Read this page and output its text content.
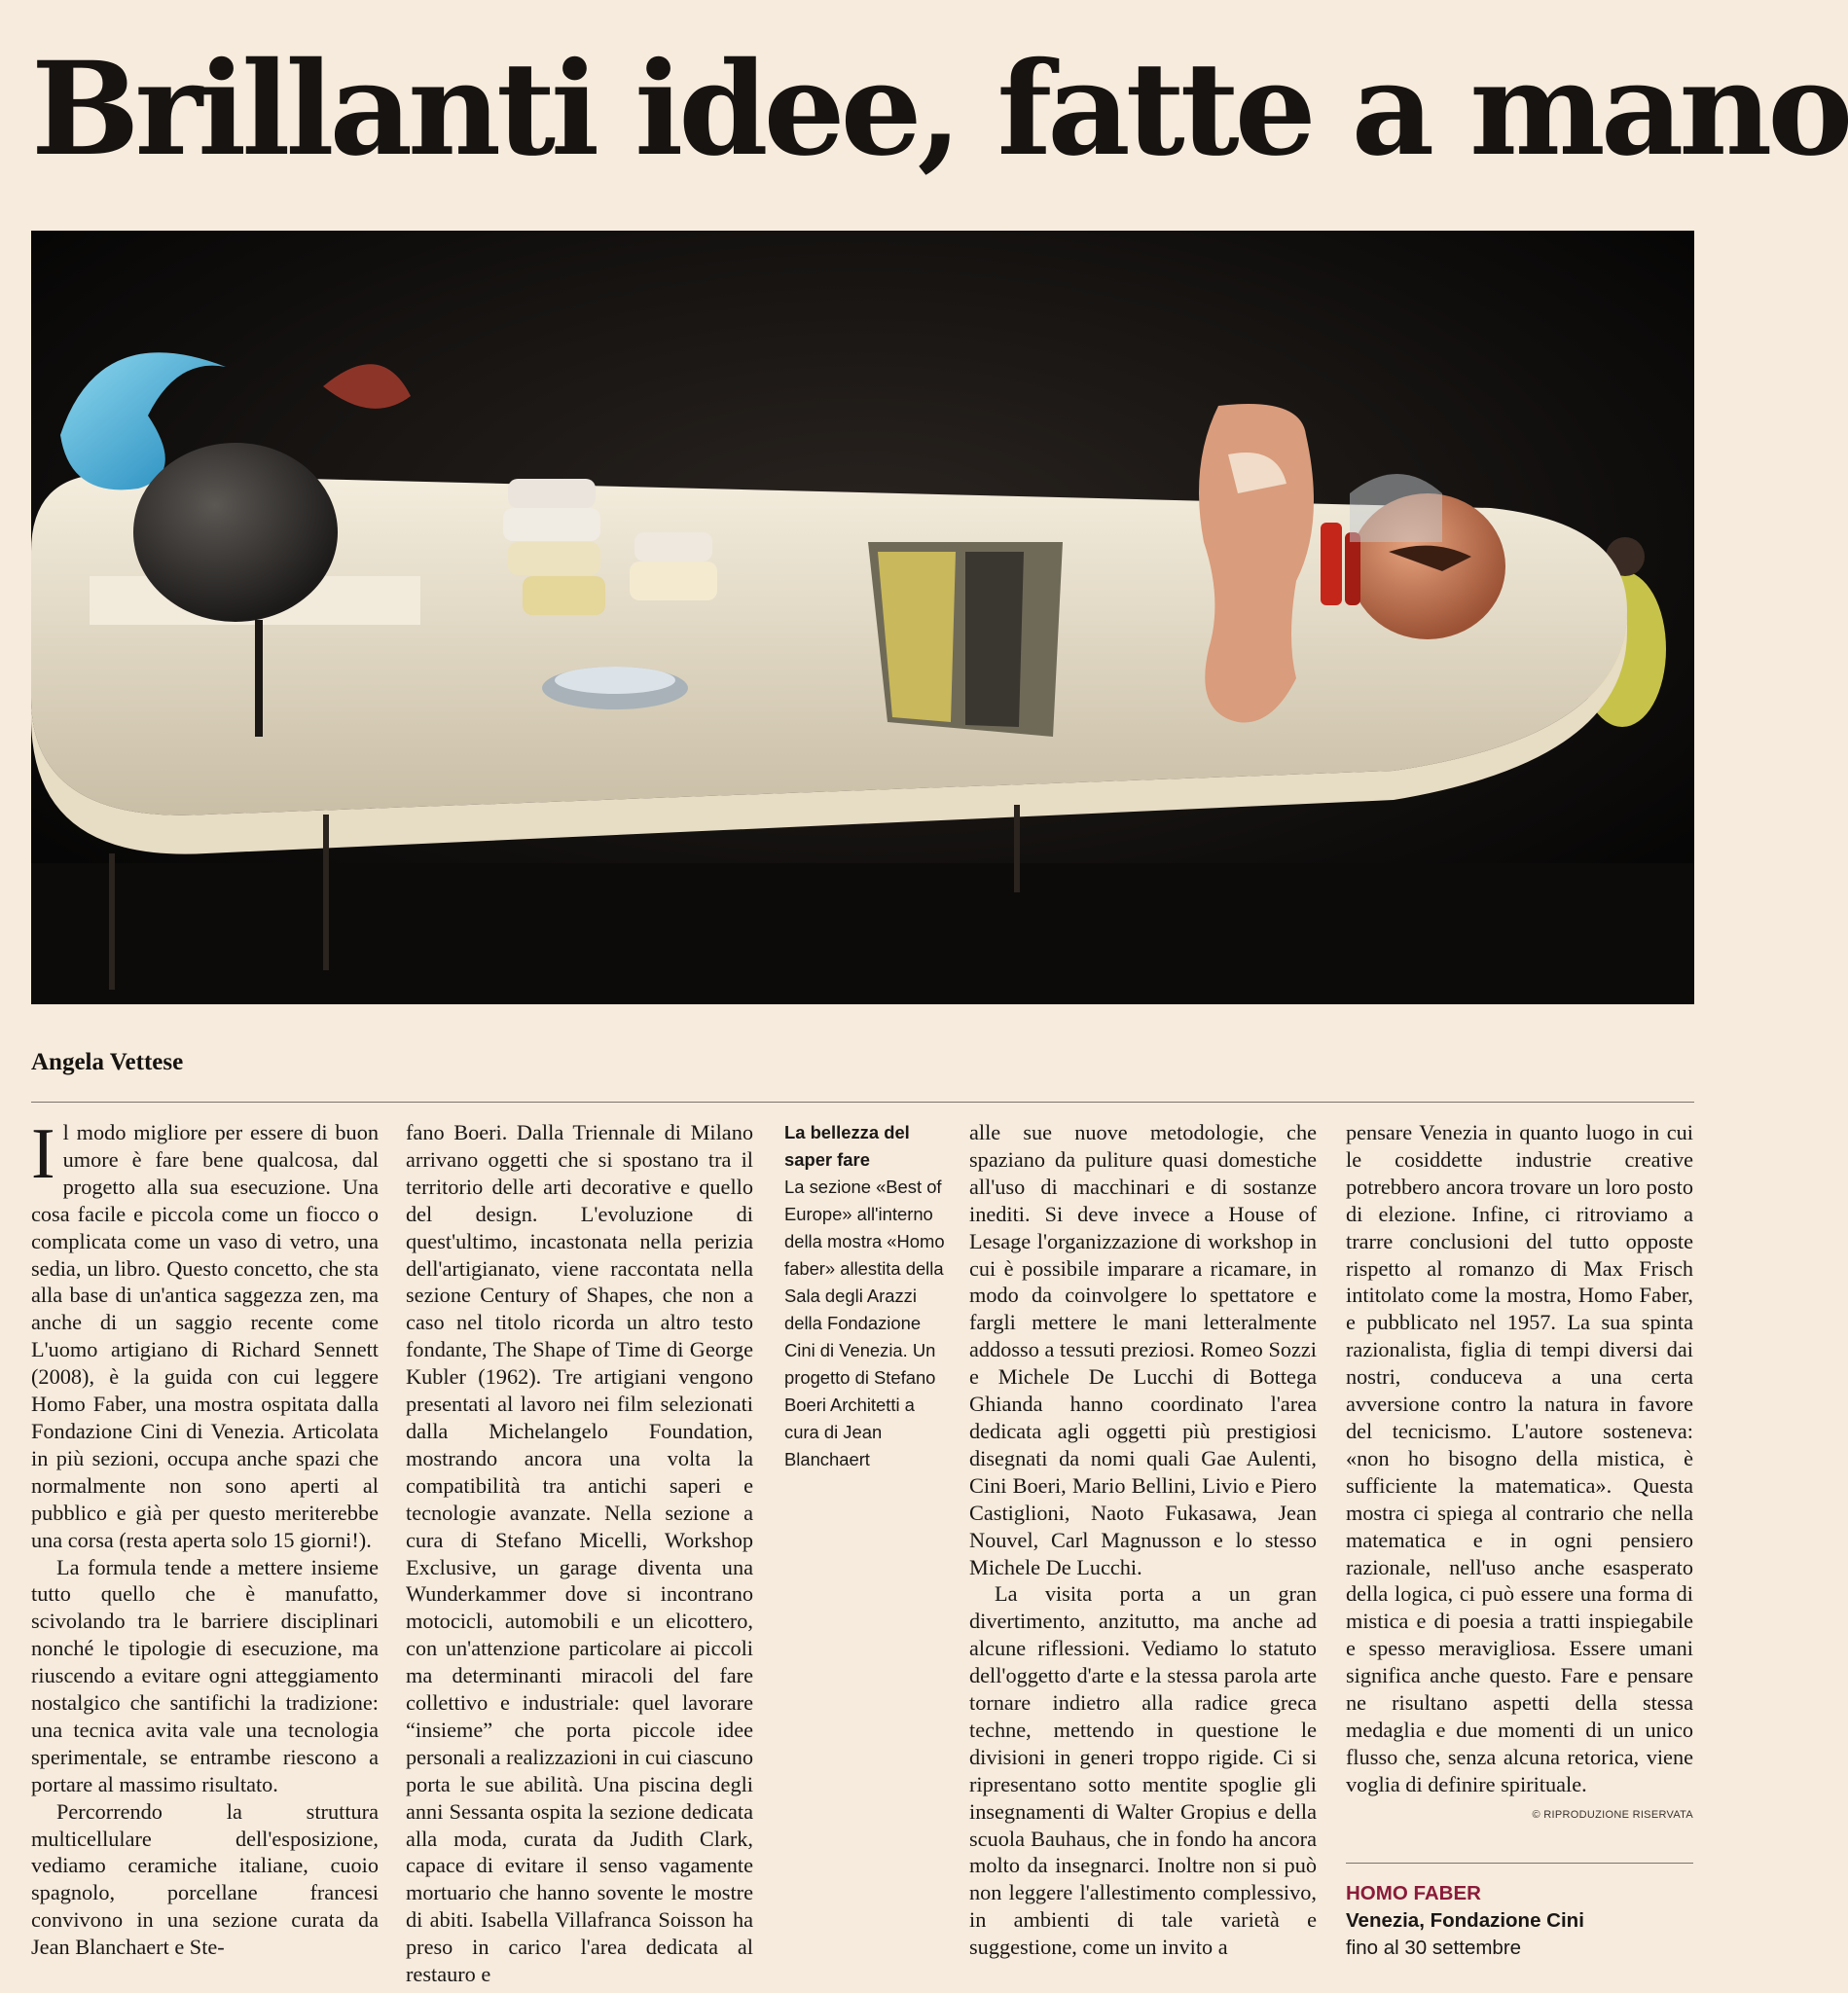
Brillanti idee, fatte a mano
Angela Vettese

Il modo migliore per essere di buon umore è fare bene qualcosa, dal progetto alla sua esecuzione. Una cosa facile e piccola come un fiocco o complicata come un vaso di vetro, una sedia, un libro. Questo concetto, che sta alla base di un'antica saggezza zen, ma anche di un saggio recente come L'uomo artigiano di Richard Sennett (2008), è la guida con cui leggere Homo Faber, una mostra ospitata dalla Fondazione Cini di Venezia. Articolata in più sezioni, occupa anche spazi che normalmente non sono aperti al pubblico e già per questo meriterebbe una corsa (resta aperta solo 15 giorni!).

La formula tende a mettere insieme tutto quello che è manufatto, scivolando tra le barriere disciplinari nonché le tipologie di esecuzione, ma riuscendo a evitare ogni atteggiamento nostalgico che santifichi la tradizione: una tecnica avita vale una tecnologia sperimentale, se entrambe riescono a portare al massimo risultato.

Percorrendo la struttura multicellulare dell'esposizione, vediamo ceramiche italiane, cuoio spagnolo, porcellane francesi convivono in una sezione curata da Jean Blanchaert e Ste-

fano Boeri. Dalla Triennale di Milano arrivano oggetti che si spostano tra il territorio delle arti decorative e quello del design. L'evoluzione di quest'ultimo, incastonata nella perizia dell'artigianato, viene raccontata nella sezione Century of Shapes, che non a caso nel titolo ricorda un altro testo fondante, The Shape of Time di George Kubler (1962). Tre artigiani vengono presentati al lavoro nei film selezionati dalla Michelangelo Foundation, mostrando ancora una volta la compatibilità tra antichi saperi e tecnologie avanzate. Nella sezione a cura di Stefano Micelli, Workshop Exclusive, un garage diventa una Wunderkammer dove si incontrano motocicli, automobili e un elicottero, con un'attenzione particolare ai piccoli ma determinanti miracoli del fare collettivo e industriale: quel lavorare “insieme” che porta piccole idee personali a realizzazioni in cui ciascuno porta le sue abilità. Una piscina degli anni Sessanta ospita la sezione dedicata alla moda, curata da Judith Clark, capace di evitare il senso vagamente mortuario che hanno sovente le mostre di abiti. Isabella Villafranca Soisson ha preso in carico l'area dedicata al restauro e

La bellezza del saper fare
La sezione «Best of Europe» all'interno della mostra «Homo faber» allestita della Sala degli Arazzi della Fondazione Cini di Venezia. Un progetto di Stefano Boeri Architetti a cura di Jean Blanchaert

alle sue nuove metodologie, che spaziano da puliture quasi domestiche all'uso di macchinari e di sostanze inediti. Si deve invece a House of Lesage l'organizzazione di workshop in cui è possibile imparare a ricamare, in modo da coinvolgere lo spettatore e fargli mettere le mani letteralmente addosso a tessuti preziosi. Romeo Sozzi e Michele De Lucchi di Bottega Ghianda hanno coordinato l'area dedicata agli oggetti più prestigiosi disegnati da nomi quali Gae Aulenti, Cini Boeri, Mario Bellini, Livio e Piero Castiglioni, Naoto Fukasawa, Jean Nouvel, Carl Magnusson e lo stesso Michele De Lucchi.

La visita porta a un gran divertimento, anzitutto, ma anche ad alcune riflessioni. Vediamo lo statuto dell'oggetto d'arte e la stessa parola arte tornare indietro alla radice greca techne, mettendo in questione le divisioni in generi troppo rigide. Ci si ripresentano sotto mentite spoglie gli insegnamenti di Walter Gropius e della scuola Bauhaus, che in fondo ha ancora molto da insegnarci. Inoltre non si può non leggere l'allestimento complessivo, in ambienti di tale varietà e suggestione, come un invito a

pensare Venezia in quanto luogo in cui le cosiddette industrie creative potrebbero ancora trovare un loro posto di elezione. Infine, ci ritroviamo a trarre conclusioni del tutto opposte rispetto al romanzo di Max Frisch intitolato come la mostra, Homo Faber, e pubblicato nel 1957. La sua spinta razionalista, figlia di tempi diversi dai nostri, conduceva a una certa avversione contro la natura in favore del tecnicismo. L'autore sosteneva: «non ho bisogno della mistica, è sufficiente la matematica». Questa mostra ci spiega al contrario che nella matematica e in ogni pensiero razionale, nell'uso anche esasperato della logica, ci può essere una forma di mistica e di poesia a tratti inspiegabile e spesso meravigliosa. Essere umani significa anche questo. Fare e pensare ne risultano aspetti della stessa medaglia e due momenti di un unico flusso che, senza alcuna retorica, viene voglia di definire spirituale.

© RIPRODUZIONE RISERVATA
HOMO FABER
Venezia, Fondazione Cini
fino al 30 settembre
